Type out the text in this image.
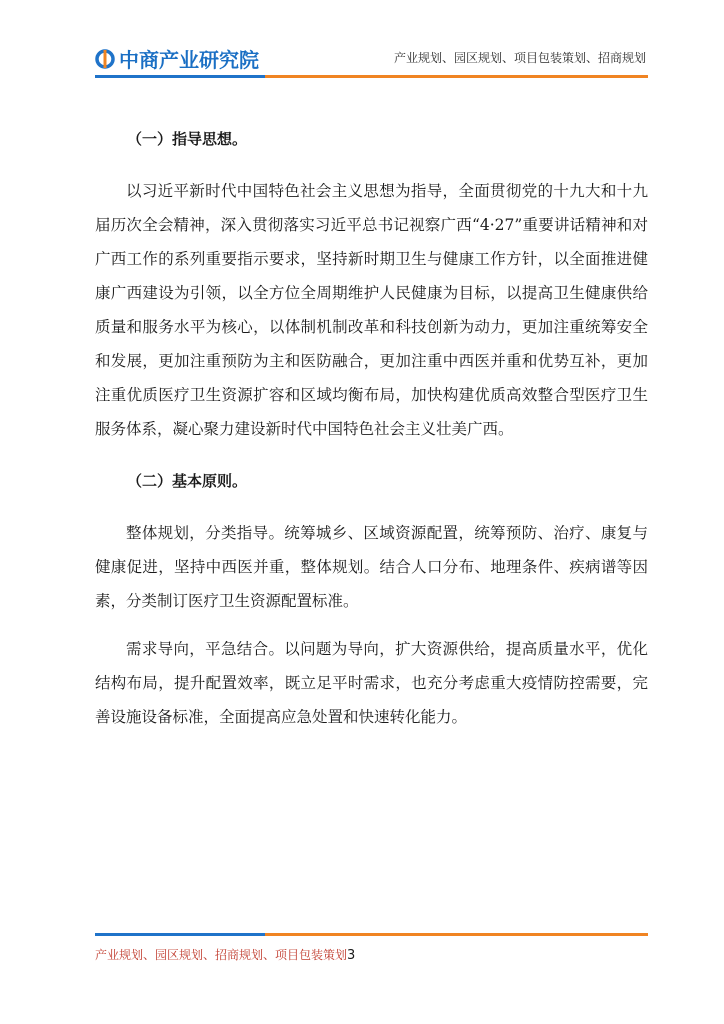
中商产业研究院	产业规划、园区规划、项目包装策划、招商规划
（一）指导思想。

以习近平新时代中国特色社会主义思想为指导，全面贯彻党的十九大和十九届历次全会精神，深入贯彻落实习近平总书记视察广西“4·27”重要讲话精神和对广西工作的系列重要指示要求，坚持新时期卫生与健康工作方针，以全面推进健康广西建设为引领，以全方位全周期维护人民健康为目标，以提高卫生健康供给质量和服务水平为核心，以体制机制改革和科技创新为动力，更加注重统筹安全和发展，更加注重预防为主和医防融合，更加注重中西医并重和优势互补，更加注重优质医疗卫生资源扩容和区域均衡布局，加快构建优质高效整合型医疗卫生服务体系，凝心聚力建设新时代中国特色社会主义壮美广西。

（二）基本原则。

整体规划，分类指导。统筹城乡、区域资源配置，统筹预防、治疗、康复与健康促进，坚持中西医并重，整体规划。结合人口分布、地理条件、疾病谱等因素，分类制订医疗卫生资源配置标准。

需求导向，平急结合。以问题为导向，扩大资源供给，提高质量水平，优化结构布局，提升配置效率，既立足平时需求，也充分考虑重大疫情防控需要，完善设施设备标准，全面提高应急处置和快速转化能力。

产业规划、园区规划、招商规划、项目包装策划3
